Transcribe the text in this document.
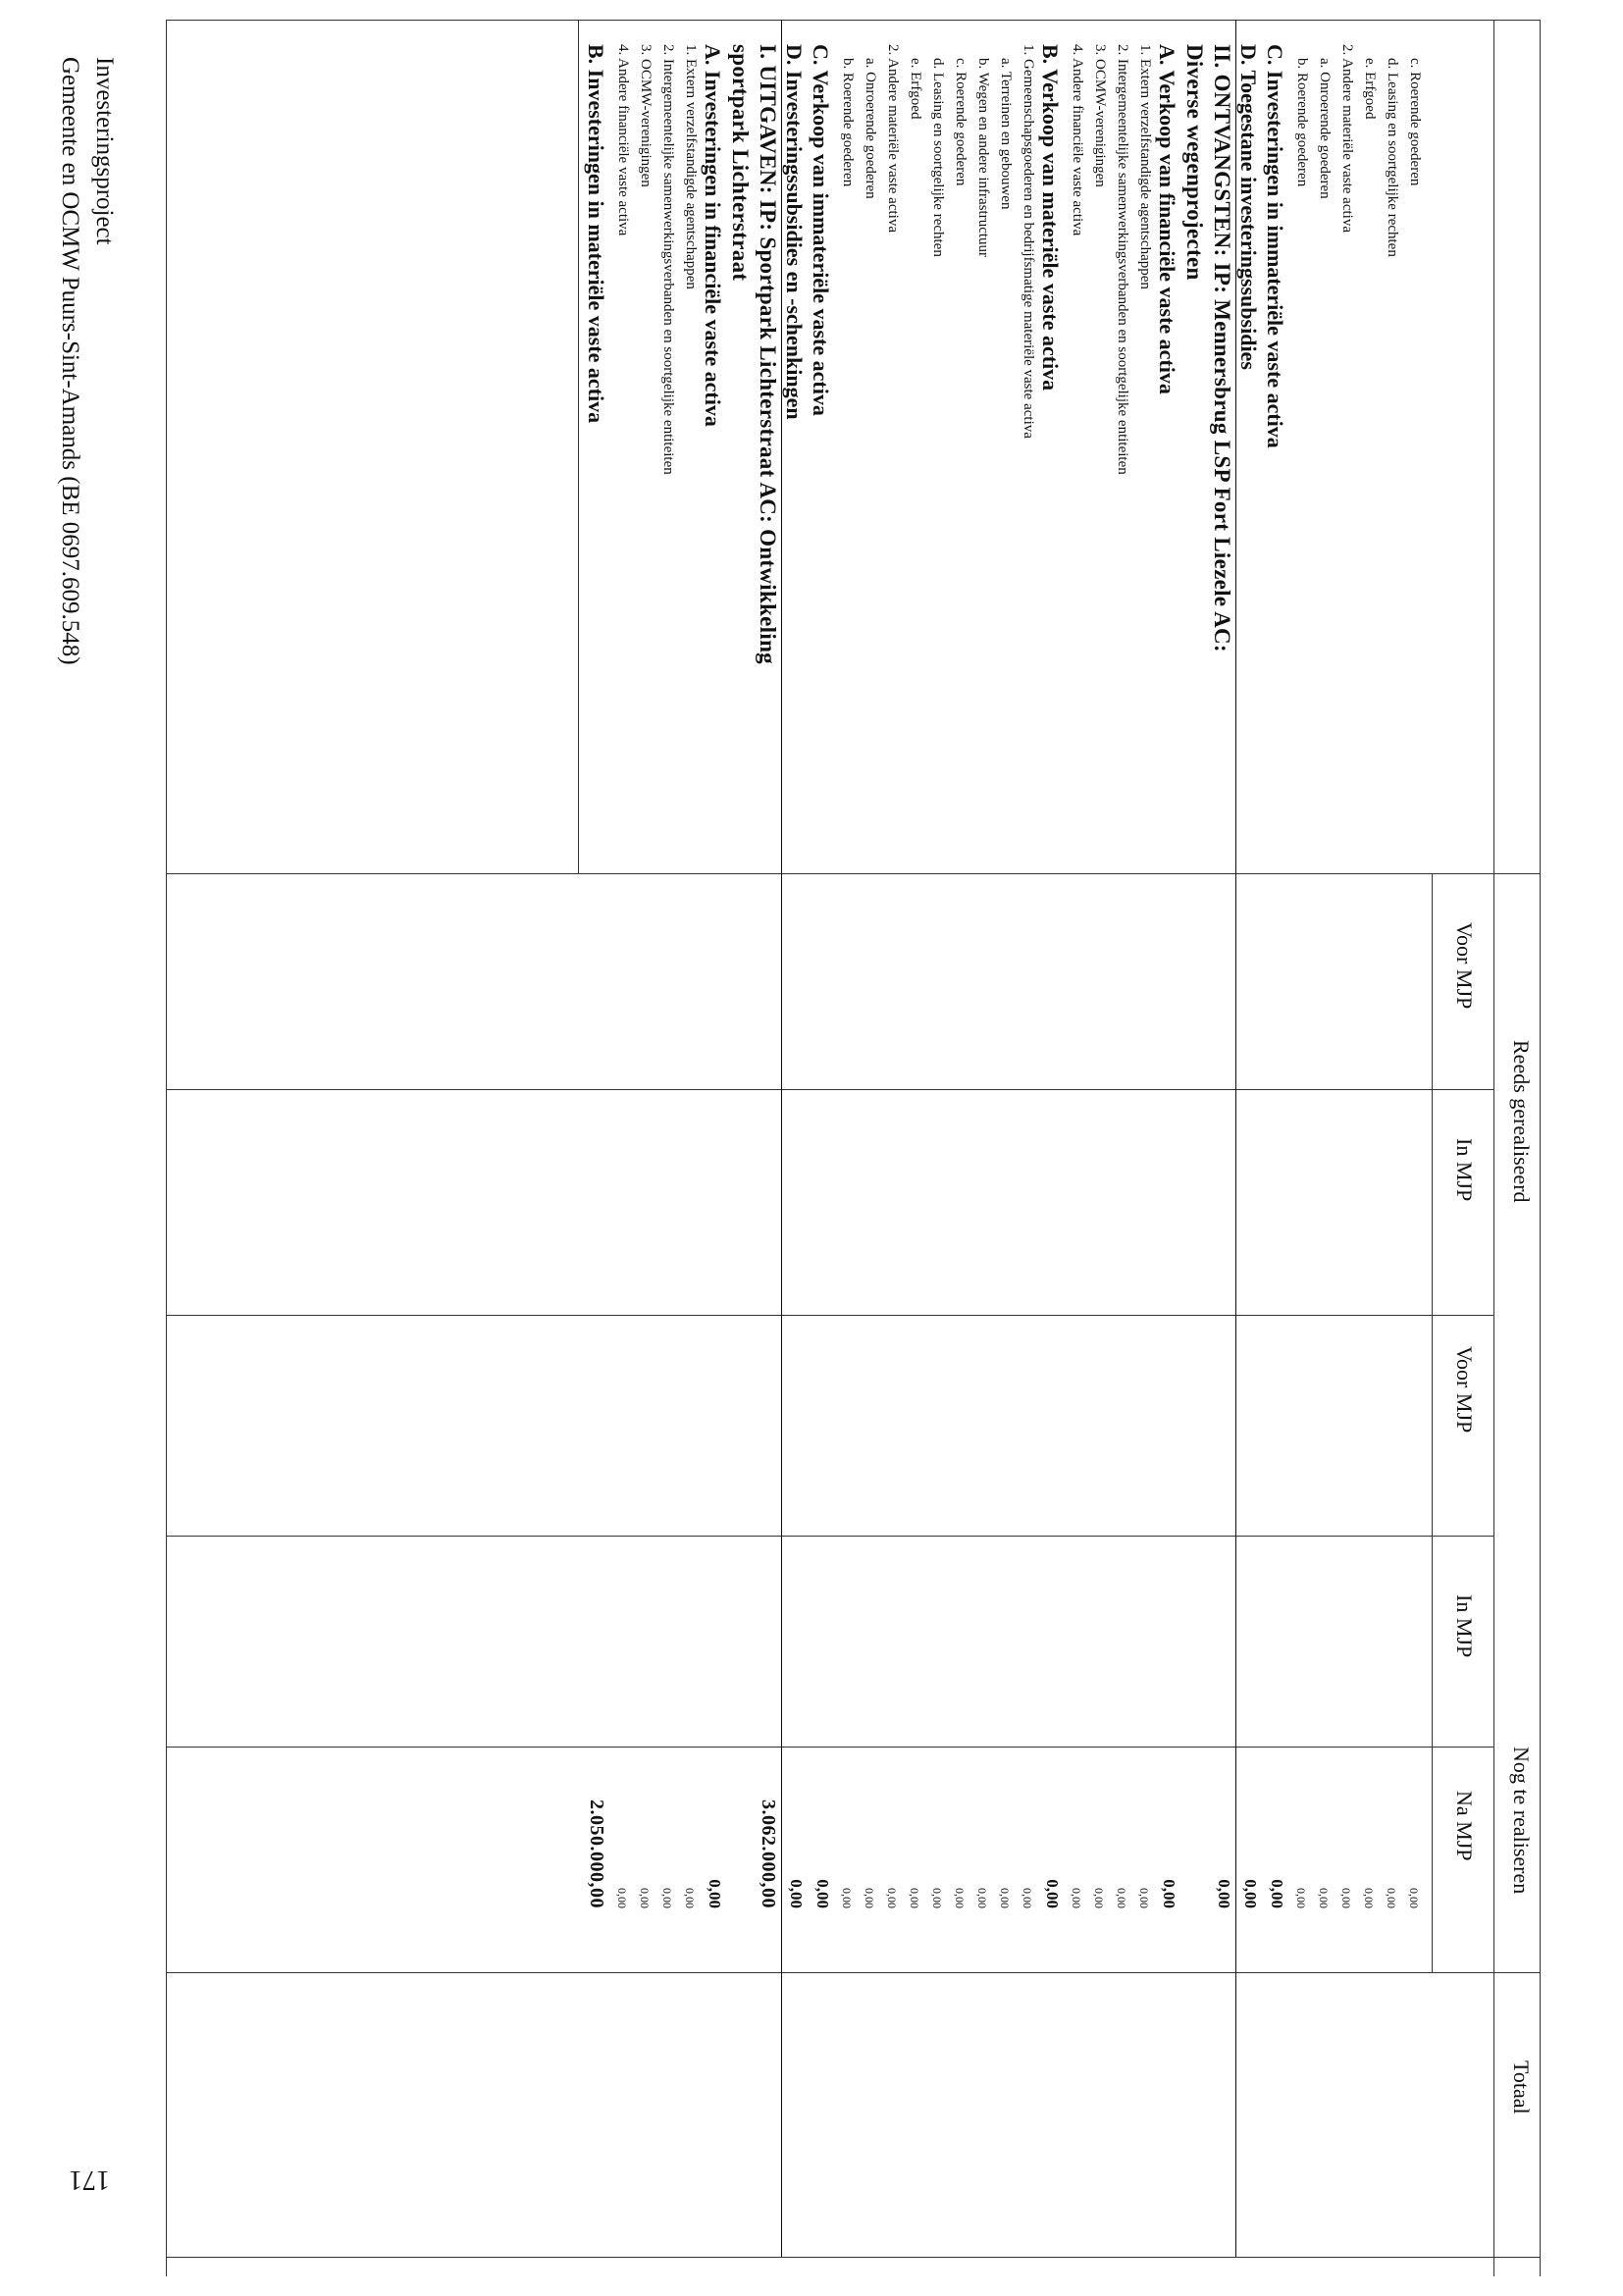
Reeds gerealiseerd
Nog te realiseren
Totaal
Voor MJP
In MJP
Voor MJP
In MJP
Na MJP
c. Roerende goederen
0,00
d. Leasing en soortgelijke rechten
0,00
e. Erfgoed
0,00
2. Andere materiële vaste activa
0,00
a. Onroerende goederen
0,00
b. Roerende goederen
0,00
C. Investeringen in immateriële vaste activa
0,00
D. Toegestane investeringssubsidies
0,00
II. ONTVANGSTEN: IP: Mennersbrug LSP Fort Liezele AC:
0,00
Diverse wegenprojecten
A. Verkoop van financiële vaste activa
0,00
1. Extern verzelfstandigde agentschappen
0,00
2. Intergemeentelijke samenwerkingsverbanden en soortgelijke entiteiten
0,00
3. OCMW-verenigingen
0,00
4. Andere financiële vaste activa
0,00
B. Verkoop van materiële vaste activa
0,00
1. Gemeenschapsgoederen en bedrijfsmatige materiële vaste activa
0,00
a. Terreinen en gebouwen
0,00
b. Wegen en andere infrastructuur
0,00
c. Roerende goederen
0,00
d. Leasing en soortgelijke rechten
0,00
e. Erfgoed
0,00
2. Andere materiële vaste activa
0,00
a. Onroerende goederen
0,00
b. Roerende goederen
0,00
C. Verkoop van immateriële vaste activa
0,00
D. Investeringssubsidies en -schenkingen
0,00
I. UITGAVEN: IP: Sportpark Lichterstraat AC: Ontwikkeling
3.062.000,00
sportpark Lichterstraat
A. Investeringen in financiële vaste activa
0,00
1. Extern verzelfstandigde agentschappen
0,00
2. Intergemeentelijke samenwerkingsverbanden en soortgelijke entiteiten
0,00
3. OCMW-verenigingen
0,00
4. Andere financiële vaste activa
0,00
B. Investeringen in materiële vaste activa
2.050.000,00
Investeringsproject
Gemeente en OCMW Puurs-Sint-Amands (BE 0697.609.548)
171
